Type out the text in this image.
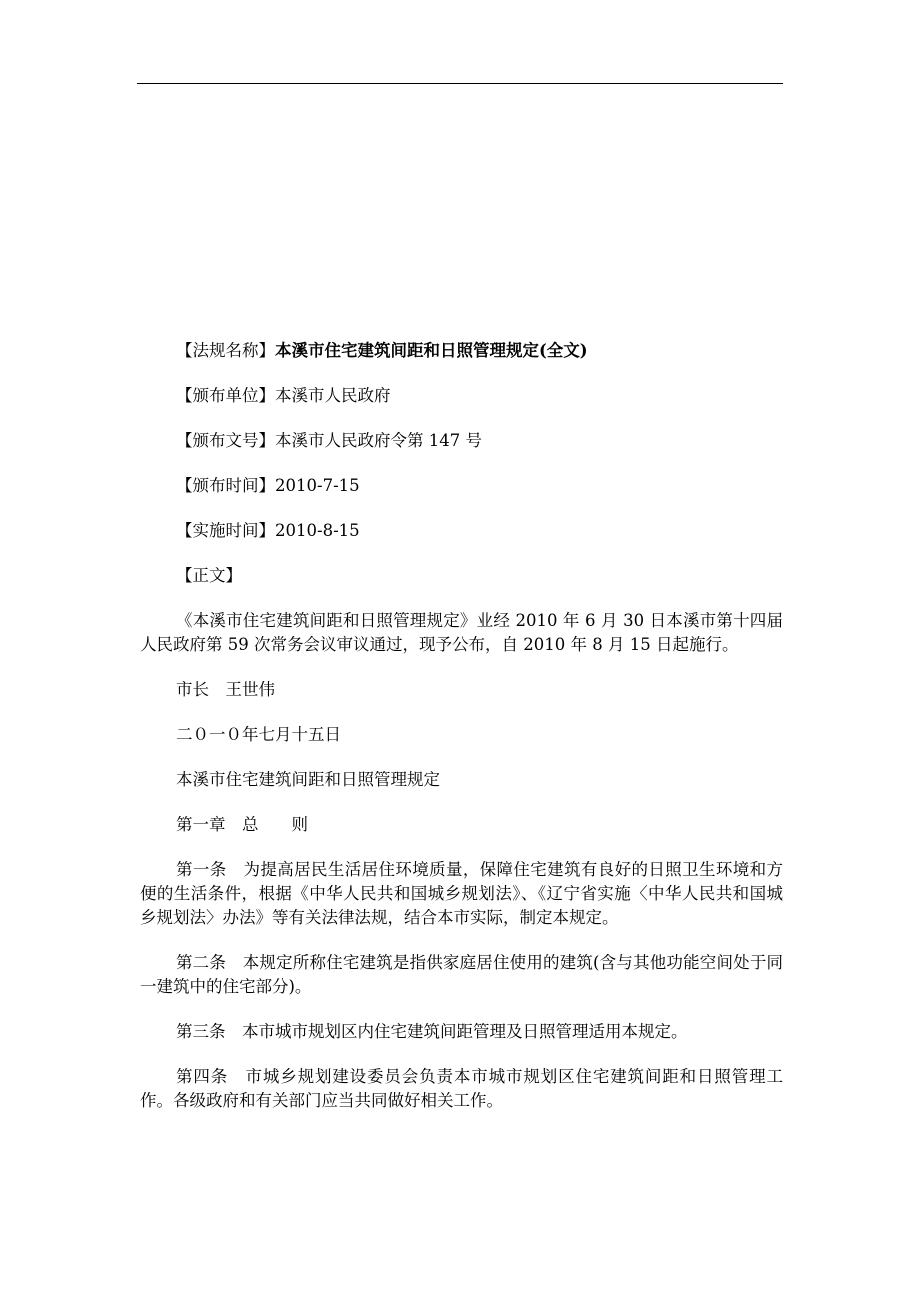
【法规名称】本溪市住宅建筑间距和日照管理规定(全文)

【颁布单位】本溪市人民政府

【颁布文号】本溪市人民政府令第 147 号

【颁布时间】2010-7-15

【实施时间】2010-8-15

【正文】

《本溪市住宅建筑间距和日照管理规定》业经 2010 年 6 月 30 日本溪市第十四届人民政府第 59 次常务会议审议通过，现予公布，自 2010 年 8 月 15 日起施行。

市长　王世伟

二０一０年七月十五日

本溪市住宅建筑间距和日照管理规定

第一章　总　　则

第一条　为提高居民生活居住环境质量，保障住宅建筑有良好的日照卫生环境和方便的生活条件，根据《中华人民共和国城乡规划法》、《辽宁省实施〈中华人民共和国城乡规划法〉办法》等有关法律法规，结合本市实际，制定本规定。

第二条　本规定所称住宅建筑是指供家庭居住使用的建筑(含与其他功能空间处于同一建筑中的住宅部分)。

第三条　本市城市规划区内住宅建筑间距管理及日照管理适用本规定。

第四条　市城乡规划建设委员会负责本市城市规划区住宅建筑间距和日照管理工作。各级政府和有关部门应当共同做好相关工作。
